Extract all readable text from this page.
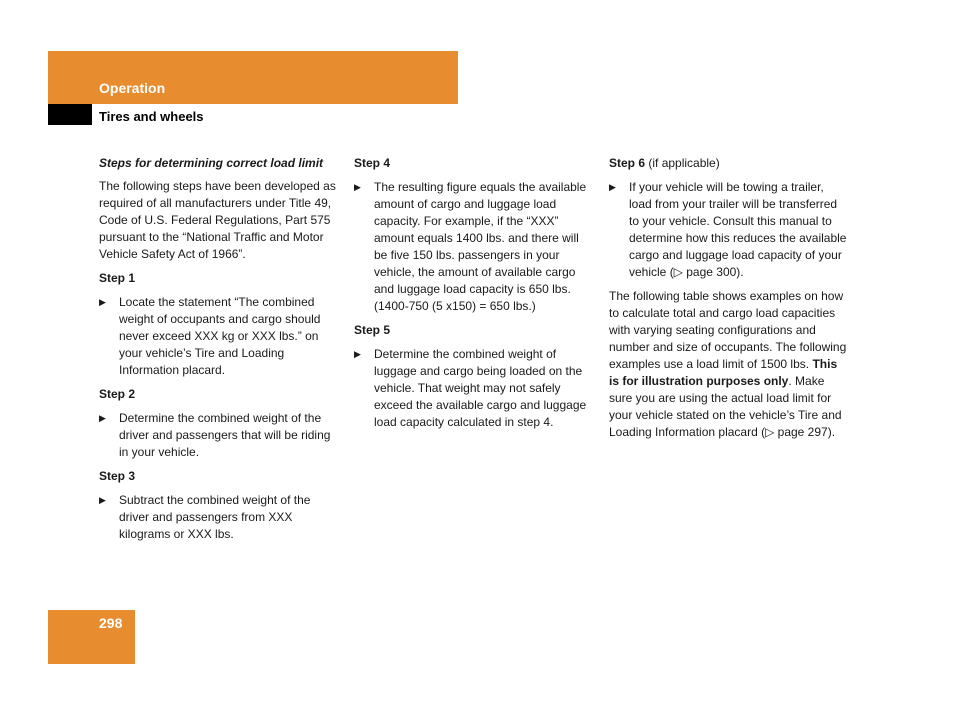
Operation
Tires and wheels
Steps for determining correct load limit
The following steps have been developed as required of all manufacturers under Title 49, Code of U.S. Federal Regulations, Part 575 pursuant to the “National Traffic and Motor Vehicle Safety Act of 1966”.
Step 1
▶ Locate the statement “The combined weight of occupants and cargo should never exceed XXX kg or XXX lbs.” on your vehicle’s Tire and Loading Information placard.
Step 2
▶ Determine the combined weight of the driver and passengers that will be riding in your vehicle.
Step 3
▶ Subtract the combined weight of the driver and passengers from XXX kilograms or XXX lbs.
Step 4
▶ The resulting figure equals the available amount of cargo and luggage load capacity. For example, if the “XXX” amount equals 1400 lbs. and there will be five 150 lbs. passengers in your vehicle, the amount of available cargo and luggage load capacity is 650 lbs. (1400-750 (5 x150) = 650 lbs.)
Step 5
▶ Determine the combined weight of luggage and cargo being loaded on the vehicle. That weight may not safely exceed the available cargo and luggage load capacity calculated in step 4.
Step 6 (if applicable)
▶ If your vehicle will be towing a trailer, load from your trailer will be transferred to your vehicle. Consult this manual to determine how this reduces the available cargo and luggage load capacity of your vehicle (▷ page 300).
The following table shows examples on how to calculate total and cargo load capacities with varying seating configurations and number and size of occupants. The following examples use a load limit of 1500 lbs. This is for illustration purposes only. Make sure you are using the actual load limit for your vehicle stated on the vehicle’s Tire and Loading Information placard (▷ page 297).
298
